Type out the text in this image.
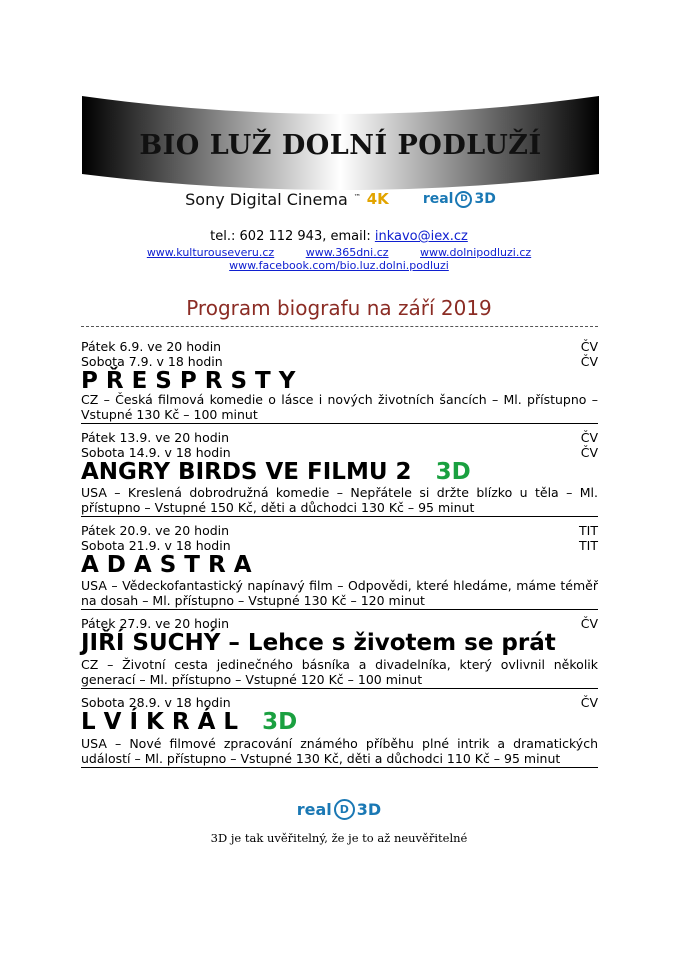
BIO LUŽ DOLNÍ PODLUŽÍ
Sony Digital Cinema ™ 4K real D 3D
tel.: 602 112 943, email: inkavo@iex.cz
www.kulturouseveru.cz	www.365dni.cz	www.dolnipodluzi.cz
www.facebook.com/bio.luz.dolni.podluzi
Program biografu na září 2019
Pátek 6.9. ve 20 hodin	ČV
Sobota 7.9. v 18 hodin	ČV
P Ř E S P R S T Y
CZ – Česká filmová komedie o lásce i nových životních šancích – Ml. přístupno – Vstupné 130 Kč – 100 minut
Pátek 13.9. ve 20 hodin	ČV
Sobota 14.9. v 18 hodin	ČV
ANGRY BIRDS VE FILMU 2 3D
USA – Kreslená dobrodružná komedie – Nepřátele si držte blízko u těla – Ml. přístupno – Vstupné 150 Kč, děti a důchodci 130 Kč – 95 minut
Pátek 20.9. ve 20 hodin	TIT
Sobota 21.9. v 18 hodin	TIT
A D A S T R A
USA – Vědeckofantastický napínavý film – Odpovědi, které hledáme, máme téměř na dosah – Ml. přístupno – Vstupné 130 Kč – 120 minut
Pátek 27.9. ve 20 hodin	ČV
JIŘÍ SUCHÝ – Lehce s životem se prát
CZ – Životní cesta jedinečného básníka a divadelníka, který ovlivnil několik generací – Ml. přístupno – Vstupné 120 Kč – 100 minut
Sobota 28.9. v 18 hodin	ČV
L V Í K R Á L 3D
USA – Nové filmové zpracování známého příběhu plné intrik a dramatických událostí – Ml. přístupno – Vstupné 130 Kč, děti a důchodci 110 Kč – 95 minut
real D 3D
3D je tak uvěřitelný, že je to až neuvěřitelné
